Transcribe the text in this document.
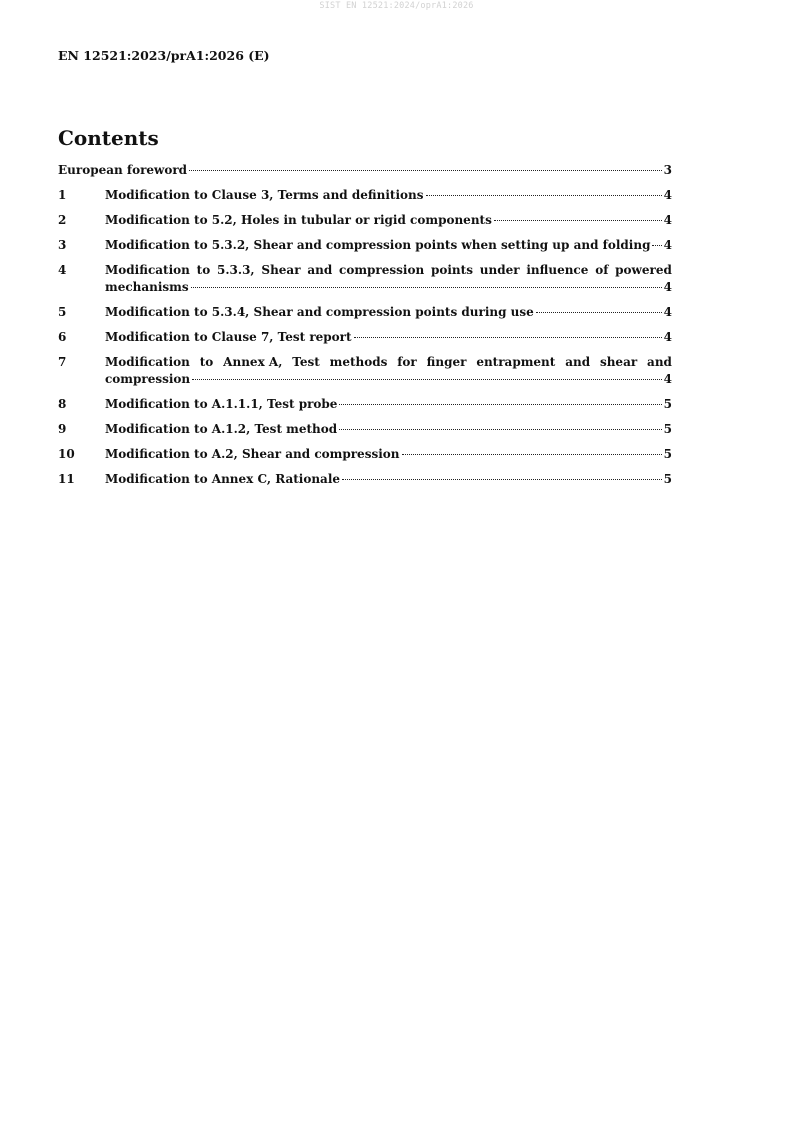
SIST EN 12521:2024/oprA1:2026
EN 12521:2023/prA1:2026 (E)
Contents
European foreword	3
1	Modification to Clause 3, Terms and definitions	4
2	Modification to 5.2, Holes in tubular or rigid components	4
3	Modification to 5.3.2, Shear and compression points when setting up and folding 4
4	Modification to 5.3.3, Shear and compression points under influence of powered
mechanisms	4
5	Modification to 5.3.4, Shear and compression points during use	4
6	Modification to Clause 7, Test report	4
7	Modification to Annex A, Test methods for finger entrapment and shear and
compression	4
8	Modification to A.1.1.1, Test probe	5
9	Modification to A.1.2, Test method	5
10	Modification to A.2, Shear and compression	5
11	Modification to Annex C, Rationale	5
